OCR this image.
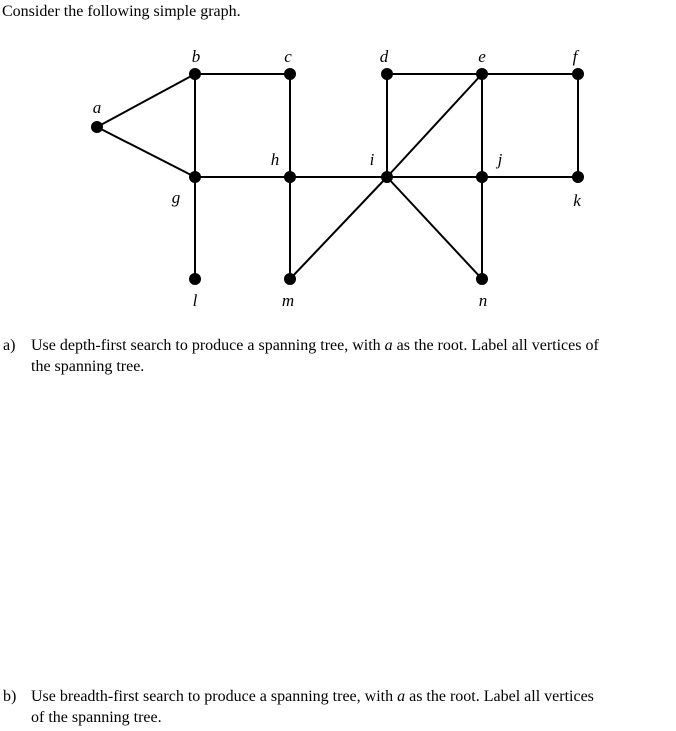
Consider the following simple graph.
a
b	c	d	e	f
g
h	i	j
k
l	m	n
a) Use depth-first search to produce a spanning tree, with a as the root. Label all vertices of
the spanning tree.
b) Use breadth-first search to produce a spanning tree, with a as the root. Label all vertices
of the spanning tree.
